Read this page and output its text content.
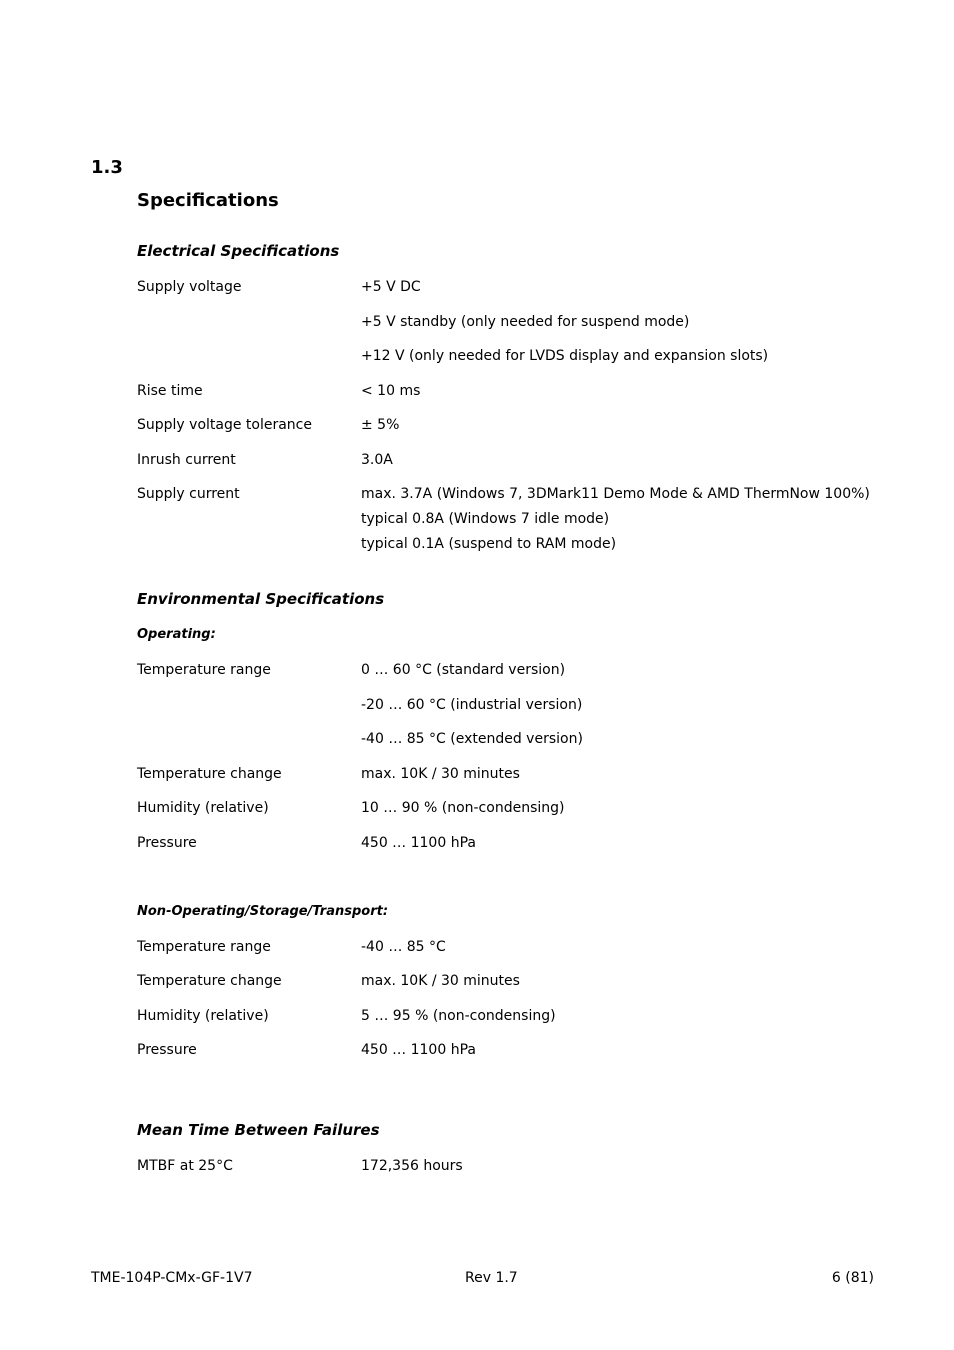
1.3
Specifications
Electrical Specifications
Supply voltage	+5 V DC
+5 V standby (only needed for suspend mode)
+12 V (only needed for LVDS display and expansion slots)
Rise time	< 10 ms
Supply voltage tolerance	± 5%
Inrush current	3.0A
Supply current	max. 3.7A (Windows 7, 3DMark11 Demo Mode & AMD ThermNow 100%)
typical 0.8A (Windows 7 idle mode)
typical 0.1A (suspend to RAM mode)
Environmental Specifications
Operating:
Temperature range	0 … 60 °C (standard version)
-20 … 60 °C (industrial version)
-40 … 85 °C (extended version)
Temperature change	max. 10K / 30 minutes
Humidity (relative)	10 … 90 % (non-condensing)
Pressure	450 … 1100 hPa
Non-Operating/Storage/Transport:
Temperature range	-40 … 85 °C
Temperature change	max. 10K / 30 minutes
Humidity (relative)	5 … 95 % (non-condensing)
Pressure	450 … 1100 hPa
Mean Time Between Failures
MTBF at 25°C	172,356 hours
TME-104P-CMx-GF-1V7	Rev 1.7	6 (81)
